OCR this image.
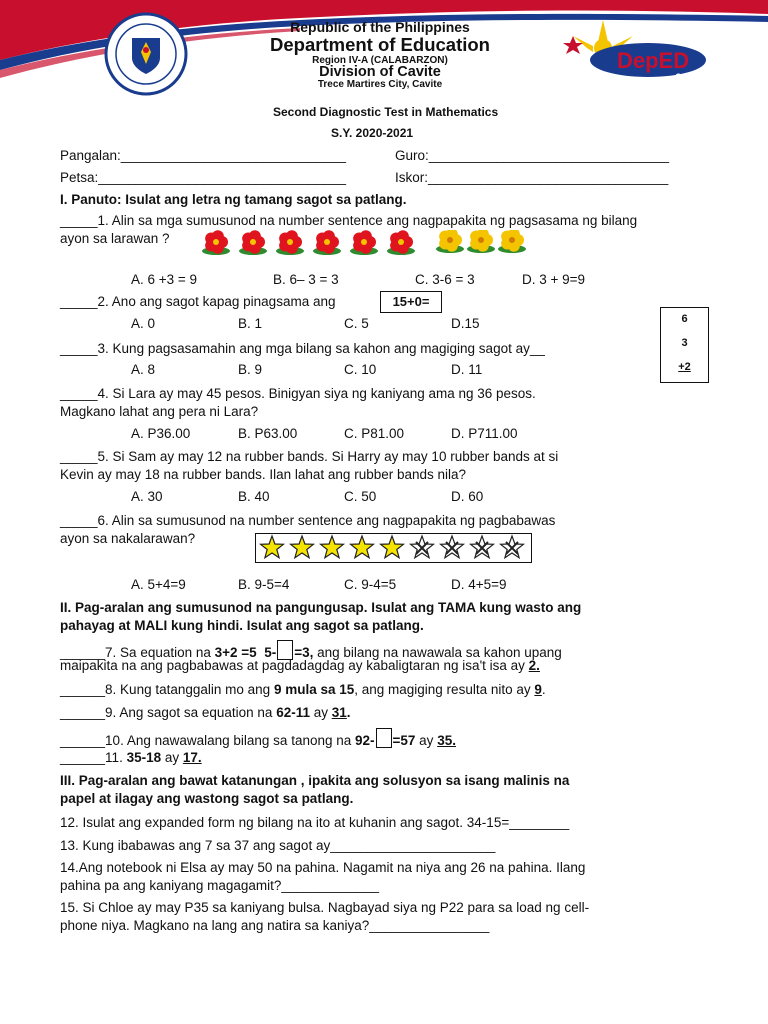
DepED
CAVITE
Republic of the Philippines
Department of Education
Region IV-A (CALABARZON)
Division of Cavite
Trece Martires City, Cavite
Second Diagnostic Test in Mathematics
S.Y. 2020-2021
Pangalan:______________________________	Guro:________________________________
Petsa:_________________________________	Iskor:________________________________
I. Panuto: Isulat ang letra ng tamang sagot sa patlang.
_____1. Alin sa mga sumusunod na number sentence ang nagpapakita ng pagsasama ng bilang
ayon sa larawan ?
A. 6 +3 = 9	B. 6– 3 = 3	C. 3-6 = 3	D. 3 + 9=9
_____2. Ano ang sagot kapag pinagsama ang	15+0=
A. 0	B. 1	C. 5	D.15
_____3. Kung pagsasamahin ang mga bilang sa kahon ang magiging sagot ay__
6
3
+2
A. 8	B. 9	C. 10	D. 11
_____4. Si Lara ay may 45 pesos. Binigyan siya ng kaniyang ama ng 36 pesos.
Magkano lahat ang pera ni Lara?
A. P36.00	B. P63.00	C. P81.00	D. P711.00
_____5. Si Sam ay may 12 na rubber bands. Si Harry ay may 10 rubber bands at si
Kevin ay may 18 na rubber bands. Ilan lahat ang rubber bands nila?
A. 30	B. 40	C. 50	D. 60
_____6. Alin sa sumusunod na number sentence ang nagpapakita ng pagbabawas
ayon sa nakalarawan?
A. 5+4=9	B. 9-5=4	C. 9-4=5	D. 4+5=9
II. Pag-aralan ang sumusunod na pangungusap. Isulat ang TAMA kung wasto ang
pahayag at MALI kung hindi. Isulat ang sagot sa patlang.
______7. Sa equation na 3+2 =5 5- =3, ang bilang na nawawala sa kahon upang
maipakita na ang pagbabawas at pagdadagdag ay kabaligtaran ng isa't isa ay 2.
______8. Kung tatanggalin mo ang 9 mula sa 15, ang magiging resulta nito ay 9.
______9. Ang sagot sa equation na 62-11 ay 31.
______10. Ang nawawalang bilang sa tanong na 92- =57 ay 35.
______11. 35-18 ay 17.
III. Pag-aralan ang bawat katanungan , ipakita ang solusyon sa isang malinis na
papel at ilagay ang wastong sagot sa patlang.
12. Isulat ang expanded form ng bilang na ito at kuhanin ang sagot. 34-15=________
13. Kung ibabawas ang 7 sa 37 ang sagot ay______________________
14.Ang notebook ni Elsa ay may 50 na pahina. Nagamit na niya ang 26 na pahina. Ilang
pahina pa ang kaniyang magagamit?_____________
15. Si Chloe ay may P35 sa kaniyang bulsa. Nagbayad siya ng P22 para sa load ng cell-
phone niya. Magkano na lang ang natira sa kaniya?________________
